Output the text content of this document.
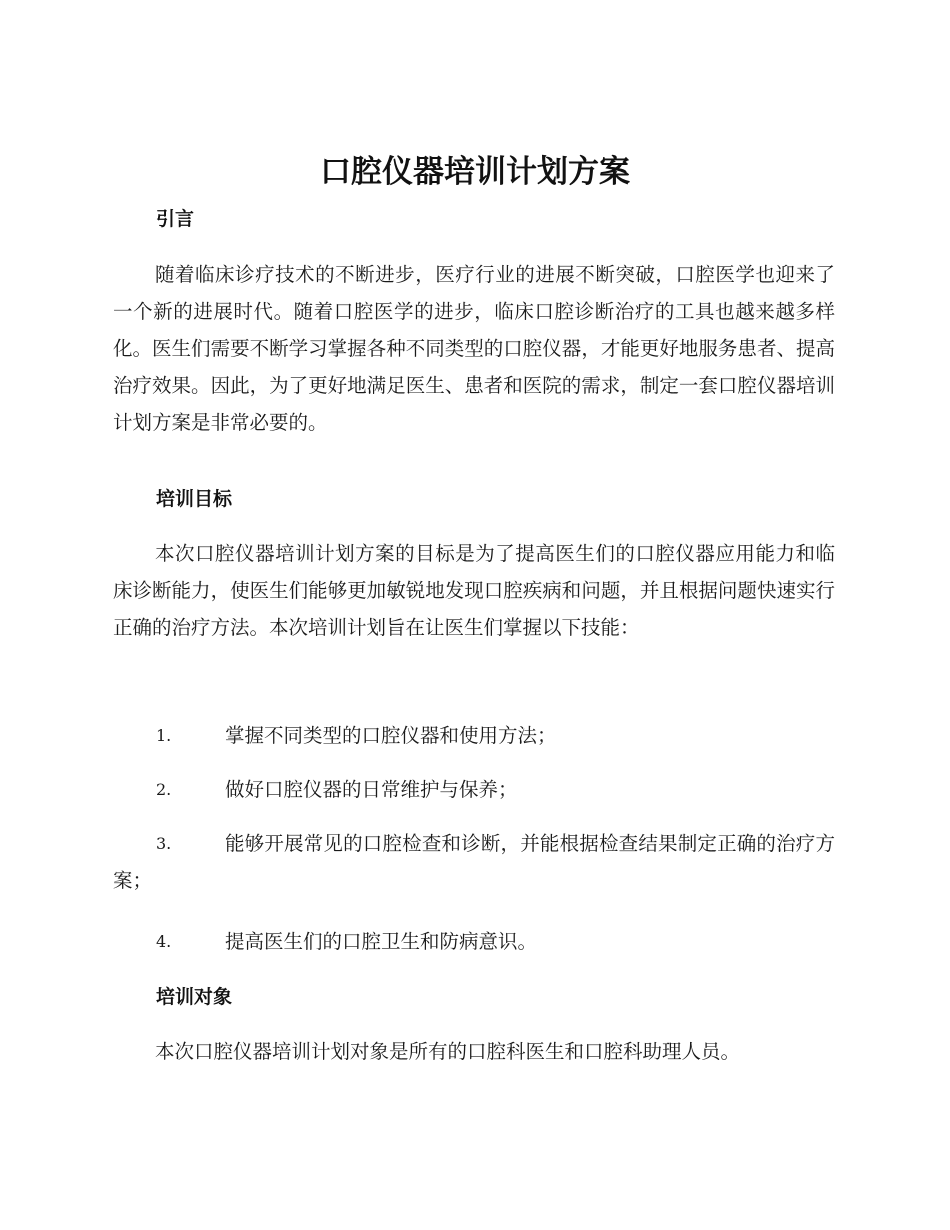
口腔仪器培训计划方案
引言

随着临床诊疗技术的不断进步，医疗行业的进展不断突破，口腔医学也迎来了一个新的进展时代。随着口腔医学的进步，临床口腔诊断治疗的工具也越来越多样化。医生们需要不断学习掌握各种不同类型的口腔仪器，才能更好地服务患者、提高治疗效果。因此，为了更好地满足医生、患者和医院的需求，制定一套口腔仪器培训计划方案是非常必要的。

培训目标

本次口腔仪器培训计划方案的目标是为了提高医生们的口腔仪器应用能力和临床诊断能力，使医生们能够更加敏锐地发现口腔疾病和问题，并且根据问题快速实行正确的治疗方法。本次培训计划旨在让医生们掌握以下技能：

1.	掌握不同类型的口腔仪器和使用方法；
2.	做好口腔仪器的日常维护与保养；
3.	能够开展常见的口腔检查和诊断，并能根据检查结果制定正确的治疗方案；
4.	提高医生们的口腔卫生和防病意识。
培训对象

本次口腔仪器培训计划对象是所有的口腔科医生和口腔科助理人员。
